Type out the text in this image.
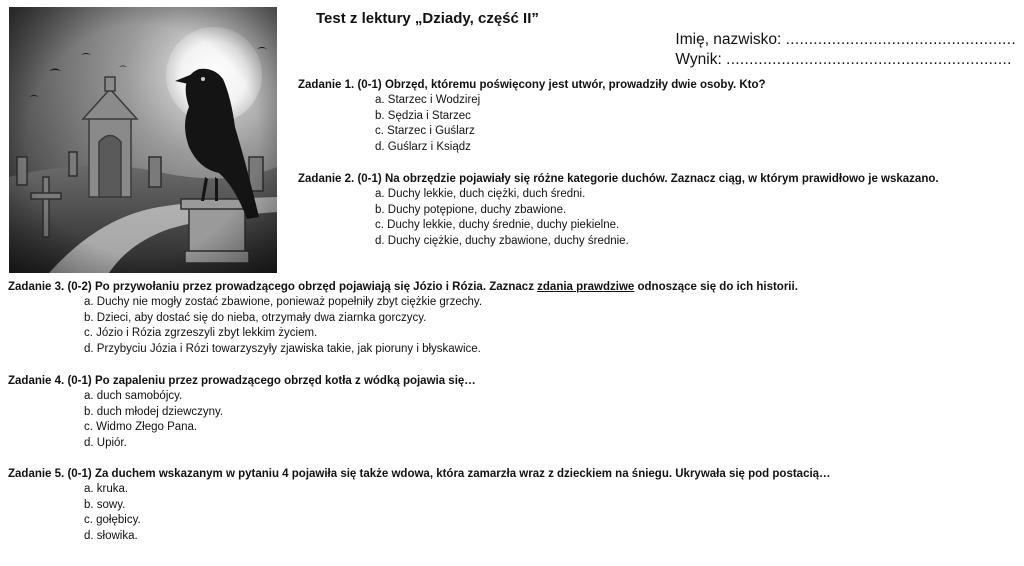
Test z lektury „Dziady, część II”
Imię, nazwisko: ..................................................
Wynik: ..............................................................
Zadanie 1. (0-1) Obrzęd, któremu poświęcony jest utwór, prowadziły dwie osoby. Kto?
a. Starzec i Wodzirej
b. Sędzia i Starzec
c. Starzec i Guślarz
d. Guślarz i Ksiądz
Zadanie 2. (0-1) Na obrzędzie pojawiały się różne kategorie duchów. Zaznacz ciąg, w którym prawidłowo je wskazano.
a. Duchy lekkie, duch ciężki, duch średni.
b. Duchy potępione, duchy zbawione.
c. Duchy lekkie, duchy średnie, duchy piekielne.
d. Duchy ciężkie, duchy zbawione, duchy średnie.
Zadanie 3. (0-2) Po przywołaniu przez prowadzącego obrzęd pojawiają się Józio i Rózia. Zaznacz zdania prawdziwe odnoszące się do ich historii.
a. Duchy nie mogły zostać zbawione, ponieważ popełniły zbyt ciężkie grzechy.
b. Dzieci, aby dostać się do nieba, otrzymały dwa ziarnka gorczycy.
c. Józio i Rózia zgrzeszyli zbyt lekkim życiem.
d. Przybyciu Józia i Rózi towarzyszyły zjawiska takie, jak pioruny i błyskawice.
Zadanie 4. (0-1) Po zapaleniu przez prowadzącego obrzęd kotła z wódką pojawia się…
a. duch samobójcy.
b. duch młodej dziewczyny.
c. Widmo Złego Pana.
d. Upiór.
Zadanie 5. (0-1) Za duchem wskazanym w pytaniu 4 pojawiła się także wdowa, która zamarzła wraz z dzieckiem na śniegu. Ukrywała się pod postacią…
a. kruka.
b. sowy.
c. gołębicy.
d. słowika.
